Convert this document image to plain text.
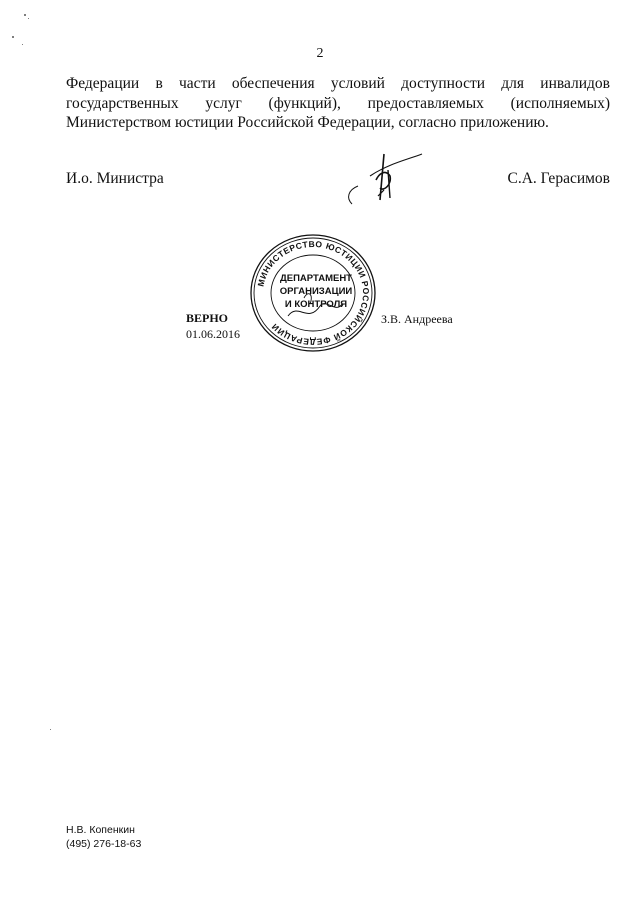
2
Федерации в части обеспечения условий доступности для инвалидов
государственных услуг (функций), предоставляемых (исполняемых)
Министерством юстиции Российской Федерации, согласно приложению.
И.о. Министра	С.А. Герасимов
ВЕРНО
01.06.2016
МИНИСТЕРСТВО ЮСТИЦИИ РОССИЙСКОЙ ФЕДЕРАЦИИ
ДЕПАРТАМЕНТ
ОРГАНИЗАЦИИ
И КОНТРОЛЯ
З.В. Андреева
Н.В. Копенкин
(495) 276-18-63
